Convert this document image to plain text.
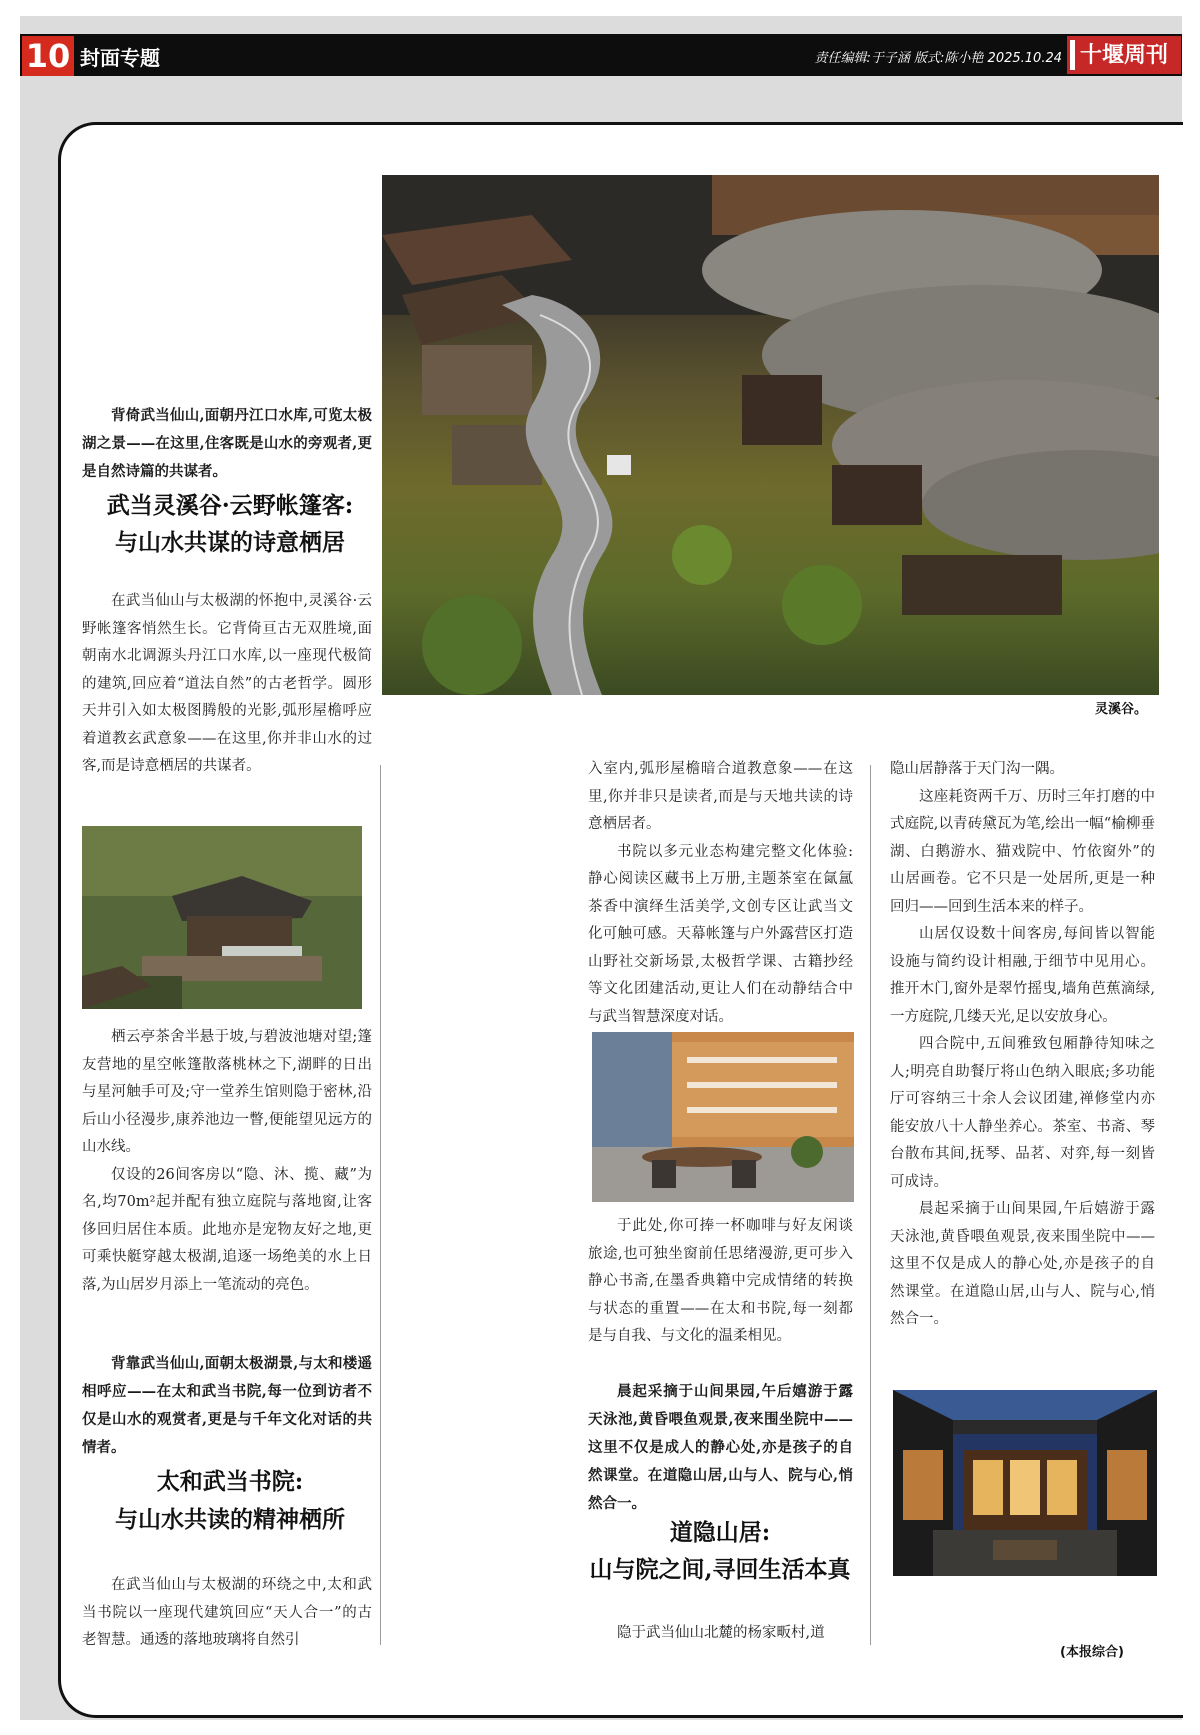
10 封面专题	责任编辑:于子涵 版式:陈小艳 2025.10.24 十堰周刊
灵溪谷。

背倚武当仙山,面朝丹江口水库,可览太极湖之景——在这里,住客既是山水的旁观者,更是自然诗篇的共谋者。

武当灵溪谷·云野帐篷客:

与山水共谋的诗意栖居

在武当仙山与太极湖的怀抱中,灵溪谷·云野帐篷客悄然生长。它背倚亘古无双胜境,面朝南水北调源头丹江口水库,以一座现代极简的建筑,回应着“道法自然”的古老哲学。圆形天井引入如太极图腾般的光影,弧形屋檐呼应着道教玄武意象——在这里,你并非山水的过客,而是诗意栖居的共谋者。

栖云亭茶舍半悬于坡,与碧波池塘对望;篷友营地的星空帐篷散落桃林之下,湖畔的日出与星河触手可及;守一堂养生馆则隐于密林,沿后山小径漫步,康养池边一瞥,便能望见远方的山水线。

仅设的26间客房以“隐、沐、揽、藏”为名,均70m²起并配有独立庭院与落地窗,让客侈回归居住本质。此地亦是宠物友好之地,更可乘快艇穿越太极湖,追逐一场绝美的水上日落,为山居岁月添上一笔流动的亮色。

背靠武当仙山,面朝太极湖景,与太和楼遥相呼应——在太和武当书院,每一位到访者不仅是山水的观赏者,更是与千年文化对话的共情者。

太和武当书院:

与山水共读的精神栖所

在武当仙山与太极湖的环绕之中,太和武当书院以一座现代建筑回应“天人合一”的古老智慧。通透的落地玻璃将自然引

入室内,弧形屋檐暗合道教意象——在这里,你并非只是读者,而是与天地共读的诗意栖居者。

书院以多元业态构建完整文化体验:静心阅读区藏书上万册,主题茶室在氤氲茶香中演绎生活美学,文创专区让武当文化可触可感。天幕帐篷与户外露营区打造山野社交新场景,太极哲学课、古籍抄经等文化团建活动,更让人们在动静结合中与武当智慧深度对话。

于此处,你可捧一杯咖啡与好友闲谈旅途,也可独坐窗前任思绪漫游,更可步入静心书斋,在墨香典籍中完成情绪的转换与状态的重置——在太和书院,每一刻都是与自我、与文化的温柔相见。

晨起采摘于山间果园,午后嬉游于露天泳池,黄昏喂鱼观景,夜来围坐院中——这里不仅是成人的静心处,亦是孩子的自然课堂。在道隐山居,山与人、院与心,悄然合一。

道隐山居:

山与院之间,寻回生活本真

隐于武当仙山北麓的杨家畈村,道

隐山居静落于天门沟一隅。

这座耗资两千万、历时三年打磨的中式庭院,以青砖黛瓦为笔,绘出一幅“榆柳垂湖、白鹅游水、猫戏院中、竹依窗外”的山居画卷。它不只是一处居所,更是一种回归——回到生活本来的样子。

山居仅设数十间客房,每间皆以智能设施与简约设计相融,于细节中见用心。推开木门,窗外是翠竹摇曳,墙角芭蕉滴绿,一方庭院,几缕天光,足以安放身心。

四合院中,五间雅致包厢静待知味之人;明亮自助餐厅将山色纳入眼底;多功能厅可容纳三十余人会议团建,禅修堂内亦能安放八十人静坐养心。茶室、书斋、琴台散布其间,抚琴、品茗、对弈,每一刻皆可成诗。

晨起采摘于山间果园,午后嬉游于露天泳池,黄昏喂鱼观景,夜来围坐院中——这里不仅是成人的静心处,亦是孩子的自然课堂。在道隐山居,山与人、院与心,悄然合一。

(本报综合)
